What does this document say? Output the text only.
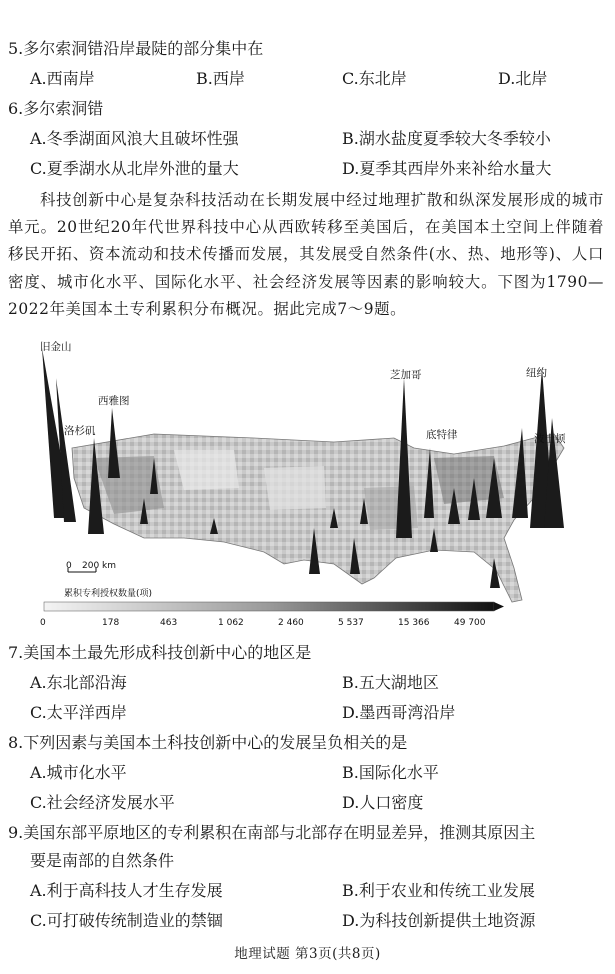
5.多尔索洞错沿岸最陡的部分集中在
A.西南岸	B.西岸	C.东北岸	D.北岸
6.多尔索洞错
A.冬季湖面风浪大且破坏性强	B.湖水盐度夏季较大冬季较小
C.夏季湖水从北岸外泄的量大	D.夏季其西岸外来补给水量大
科技创新中心是复杂科技活动在长期发展中经过地理扩散和纵深发展形成的城市单元。20世纪20年代世界科技中心从西欧转移至美国后，在美国本土空间上伴随着移民开拓、资本流动和技术传播而发展，其发展受自然条件(水、热、地形等)、人口密度、城市化水平、国际化水平、社会经济发展等因素的影响较大。下图为1790—2022年美国本土专利累积分布概况。据此完成7～9题。
旧金山
西雅图
洛杉矶
芝加哥	纽约
波士顿
底特律
0 200 km
累积专利授权数量(项)
0	178	463	1 062	2 460	5 537	15 366	49 700
7.美国本土最先形成科技创新中心的地区是
A.东北部沿海	B.五大湖地区
C.太平洋西岸	D.墨西哥湾沿岸
8.下列因素与美国本土科技创新中心的发展呈负相关的是
A.城市化水平	B.国际化水平
C.社会经济发展水平	D.人口密度
9.美国东部平原地区的专利累积在南部与北部存在明显差异，推测其原因主
要是南部的自然条件
A.利于高科技人才生存发展	B.利于农业和传统工业发展
C.可打破传统制造业的禁锢	D.为科技创新提供土地资源
地理试题 第3页(共8页)
